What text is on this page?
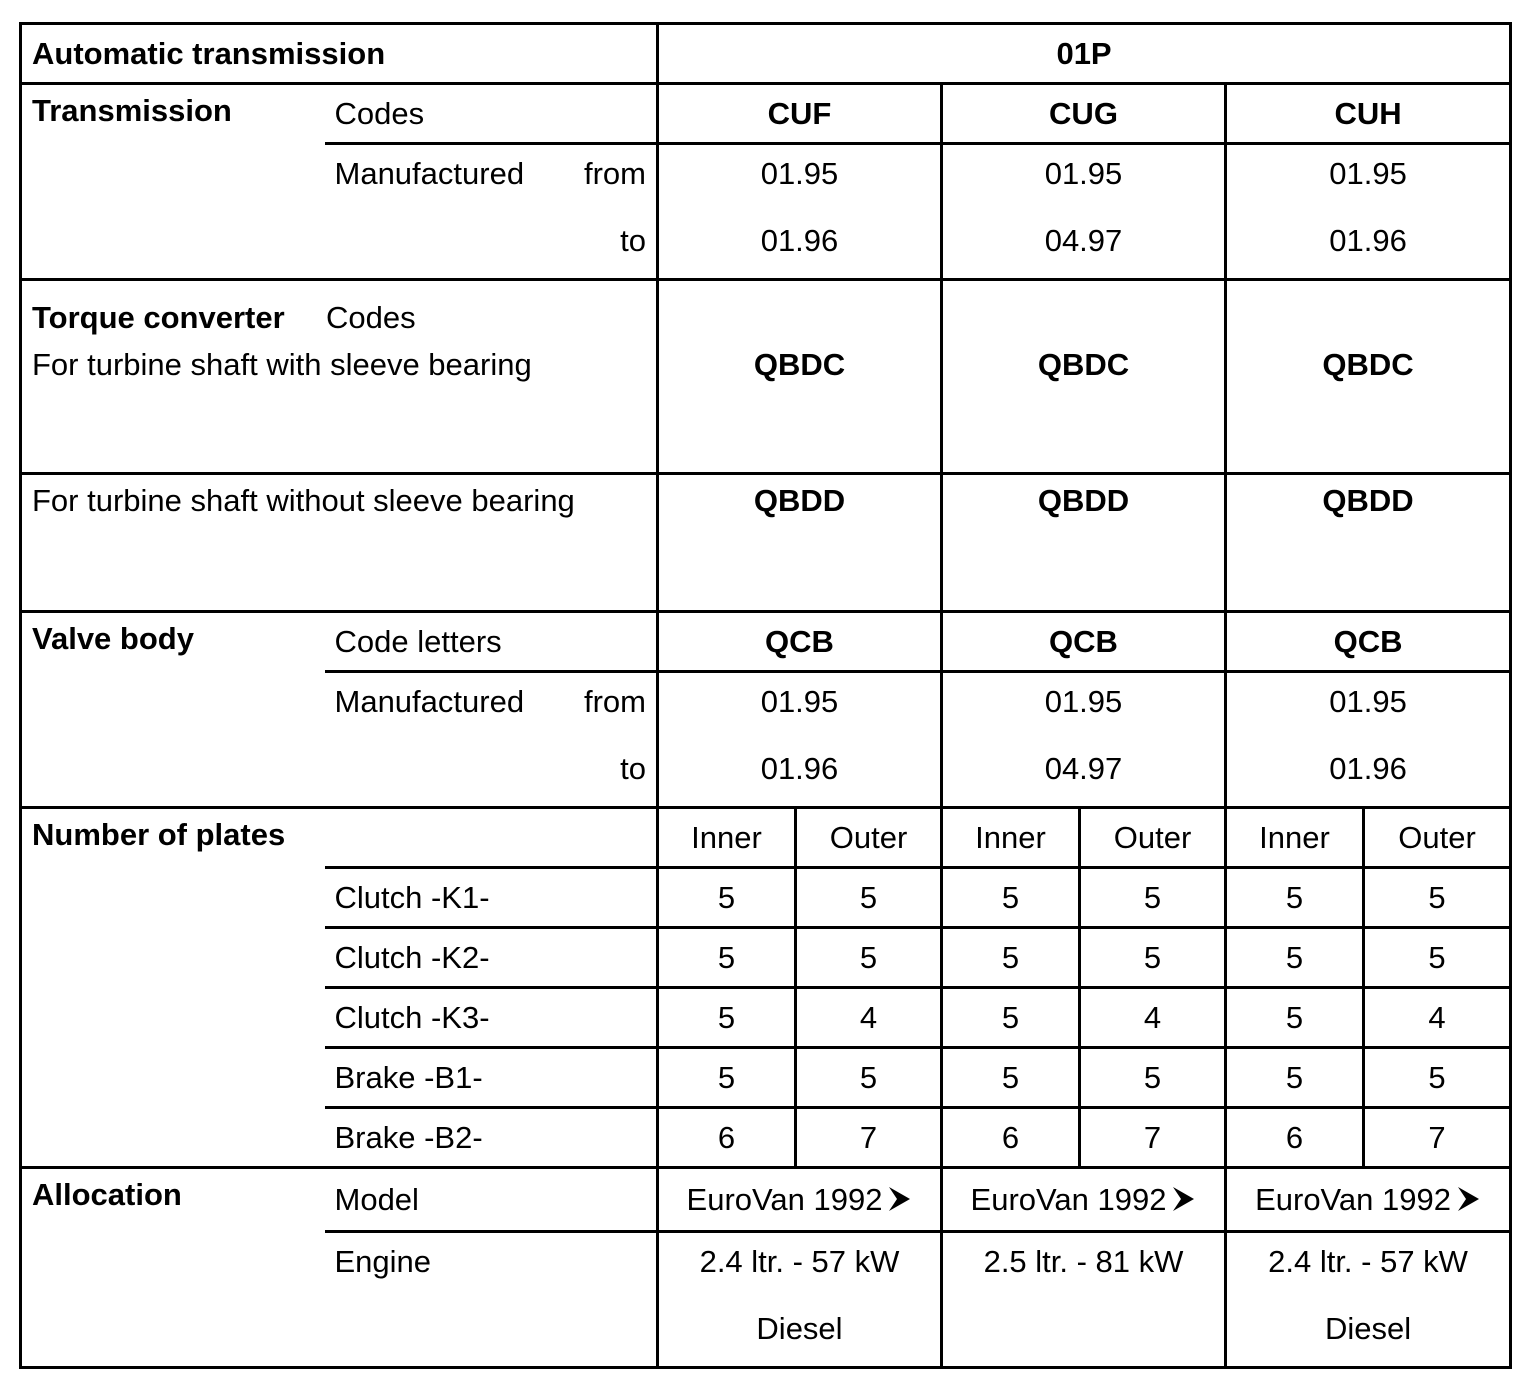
Automatic transmission		01P					
Transmission	Codes	CUF		CUG		CUH	

	Manufactured from	01.95		01.95		01.95	
	to	01.96		04.97		01.96	

Torque converter Codes
For turbine shaft with sleeve bearing		QBDC		QBDC		QBDC	
For turbine shaft without sleeve bearing		QBDD		QBDD		QBDD	
Valve body	Code letters	QCB		QCB		QCB	

	Manufactured from	01.95		01.95		01.95	
	to	01.96		04.97		01.96	
Number of plates		Inner	Outer	Inner	Outer	Inner	Outer
	Clutch -K1-	5	5	5	5	5	5
	Clutch -K2-	5	5	5	5	5	5
	Clutch -K3-	5	4	5	4	5	4
	Brake -B1-	5	5	5	5	5	5
	Brake -B2-	6	7	6	7	6	7
Allocation	Model	EuroVan 1992		EuroVan 1992		EuroVan 1992	
	Engine	2.4 ltr. - 57 kW		2.5 ltr. - 81 kW		2.4 ltr. - 57 kW	
		Diesel				Diesel	
